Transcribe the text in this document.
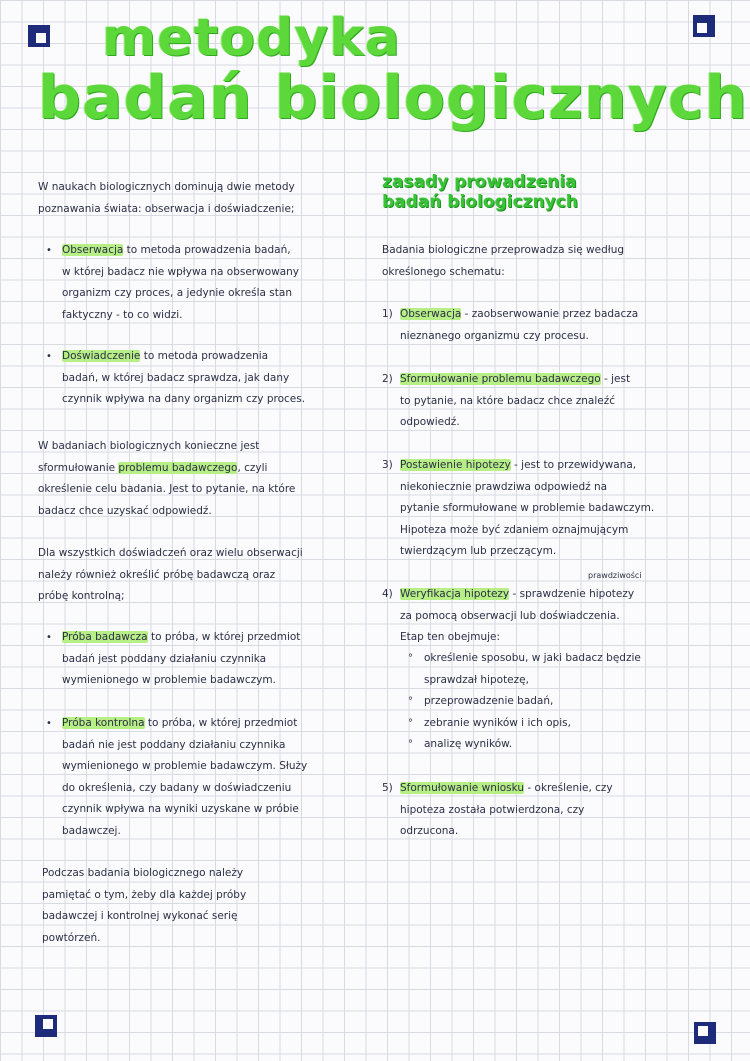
metodyka
badań biologicznych
zasady prowadzenia
badań biologicznych

W naukach biologicznych dominują dwie metody

poznawania świata: obserwacja i doświadczenie;

• Obserwacja to metoda prowadzenia badań,

w której badacz nie wpływa na obserwowany

organizm czy proces, a jedynie określa stan

faktyczny - to co widzi.

• Doświadczenie to metoda prowadzenia

badań, w której badacz sprawdza, jak dany

czynnik wpływa na dany organizm czy proces.

W badaniach biologicznych konieczne jest

sformułowanie problemu badawczego, czyli

określenie celu badania. Jest to pytanie, na które

badacz chce uzyskać odpowiedź.

Dla wszystkich doświadczeń oraz wielu obserwacji

należy również określić próbę badawczą oraz

próbę kontrolną;

• Próba badawcza to próba, w której przedmiot

badań jest poddany działaniu czynnika

wymienionego w problemie badawczym.

• Próba kontrolna to próba, w której przedmiot

badań nie jest poddany działaniu czynnika

wymienionego w problemie badawczym. Służy

do określenia, czy badany w doświadczeniu

czynnik wpływa na wyniki uzyskane w próbie

badawczej.

Podczas badania biologicznego należy

pamiętać o tym, żeby dla każdej próby

badawczej i kontrolnej wykonać serię

powtórzeń.

Badania biologiczne przeprowadza się według

określonego schematu:

1) Obserwacja - zaobserwowanie przez badacza

nieznanego organizmu czy procesu.

2) Sformułowanie problemu badawczego - jest

to pytanie, na które badacz chce znaleźć

odpowiedź.

3) Postawienie hipotezy - jest to przewidywana,

niekoniecznie prawdziwa odpowiedź na

pytanie sformułowane w problemie badawczym.

Hipoteza może być zdaniem oznajmującym

twierdzącym lub przeczącym.

prawdziwości
4) Weryfikacja hipotezy - sprawdzenie hipotezy

za pomocą obserwacji lub doświadczenia.

Etap ten obejmuje:

° określenie sposobu, w jaki badacz będzie

sprawdzał hipotezę,

° przeprowadzenie badań,
° zebranie wyników i ich opis,
° analizę wyników.
5) Sformułowanie wniosku - określenie, czy

hipoteza została potwierdzona, czy

odrzucona.
